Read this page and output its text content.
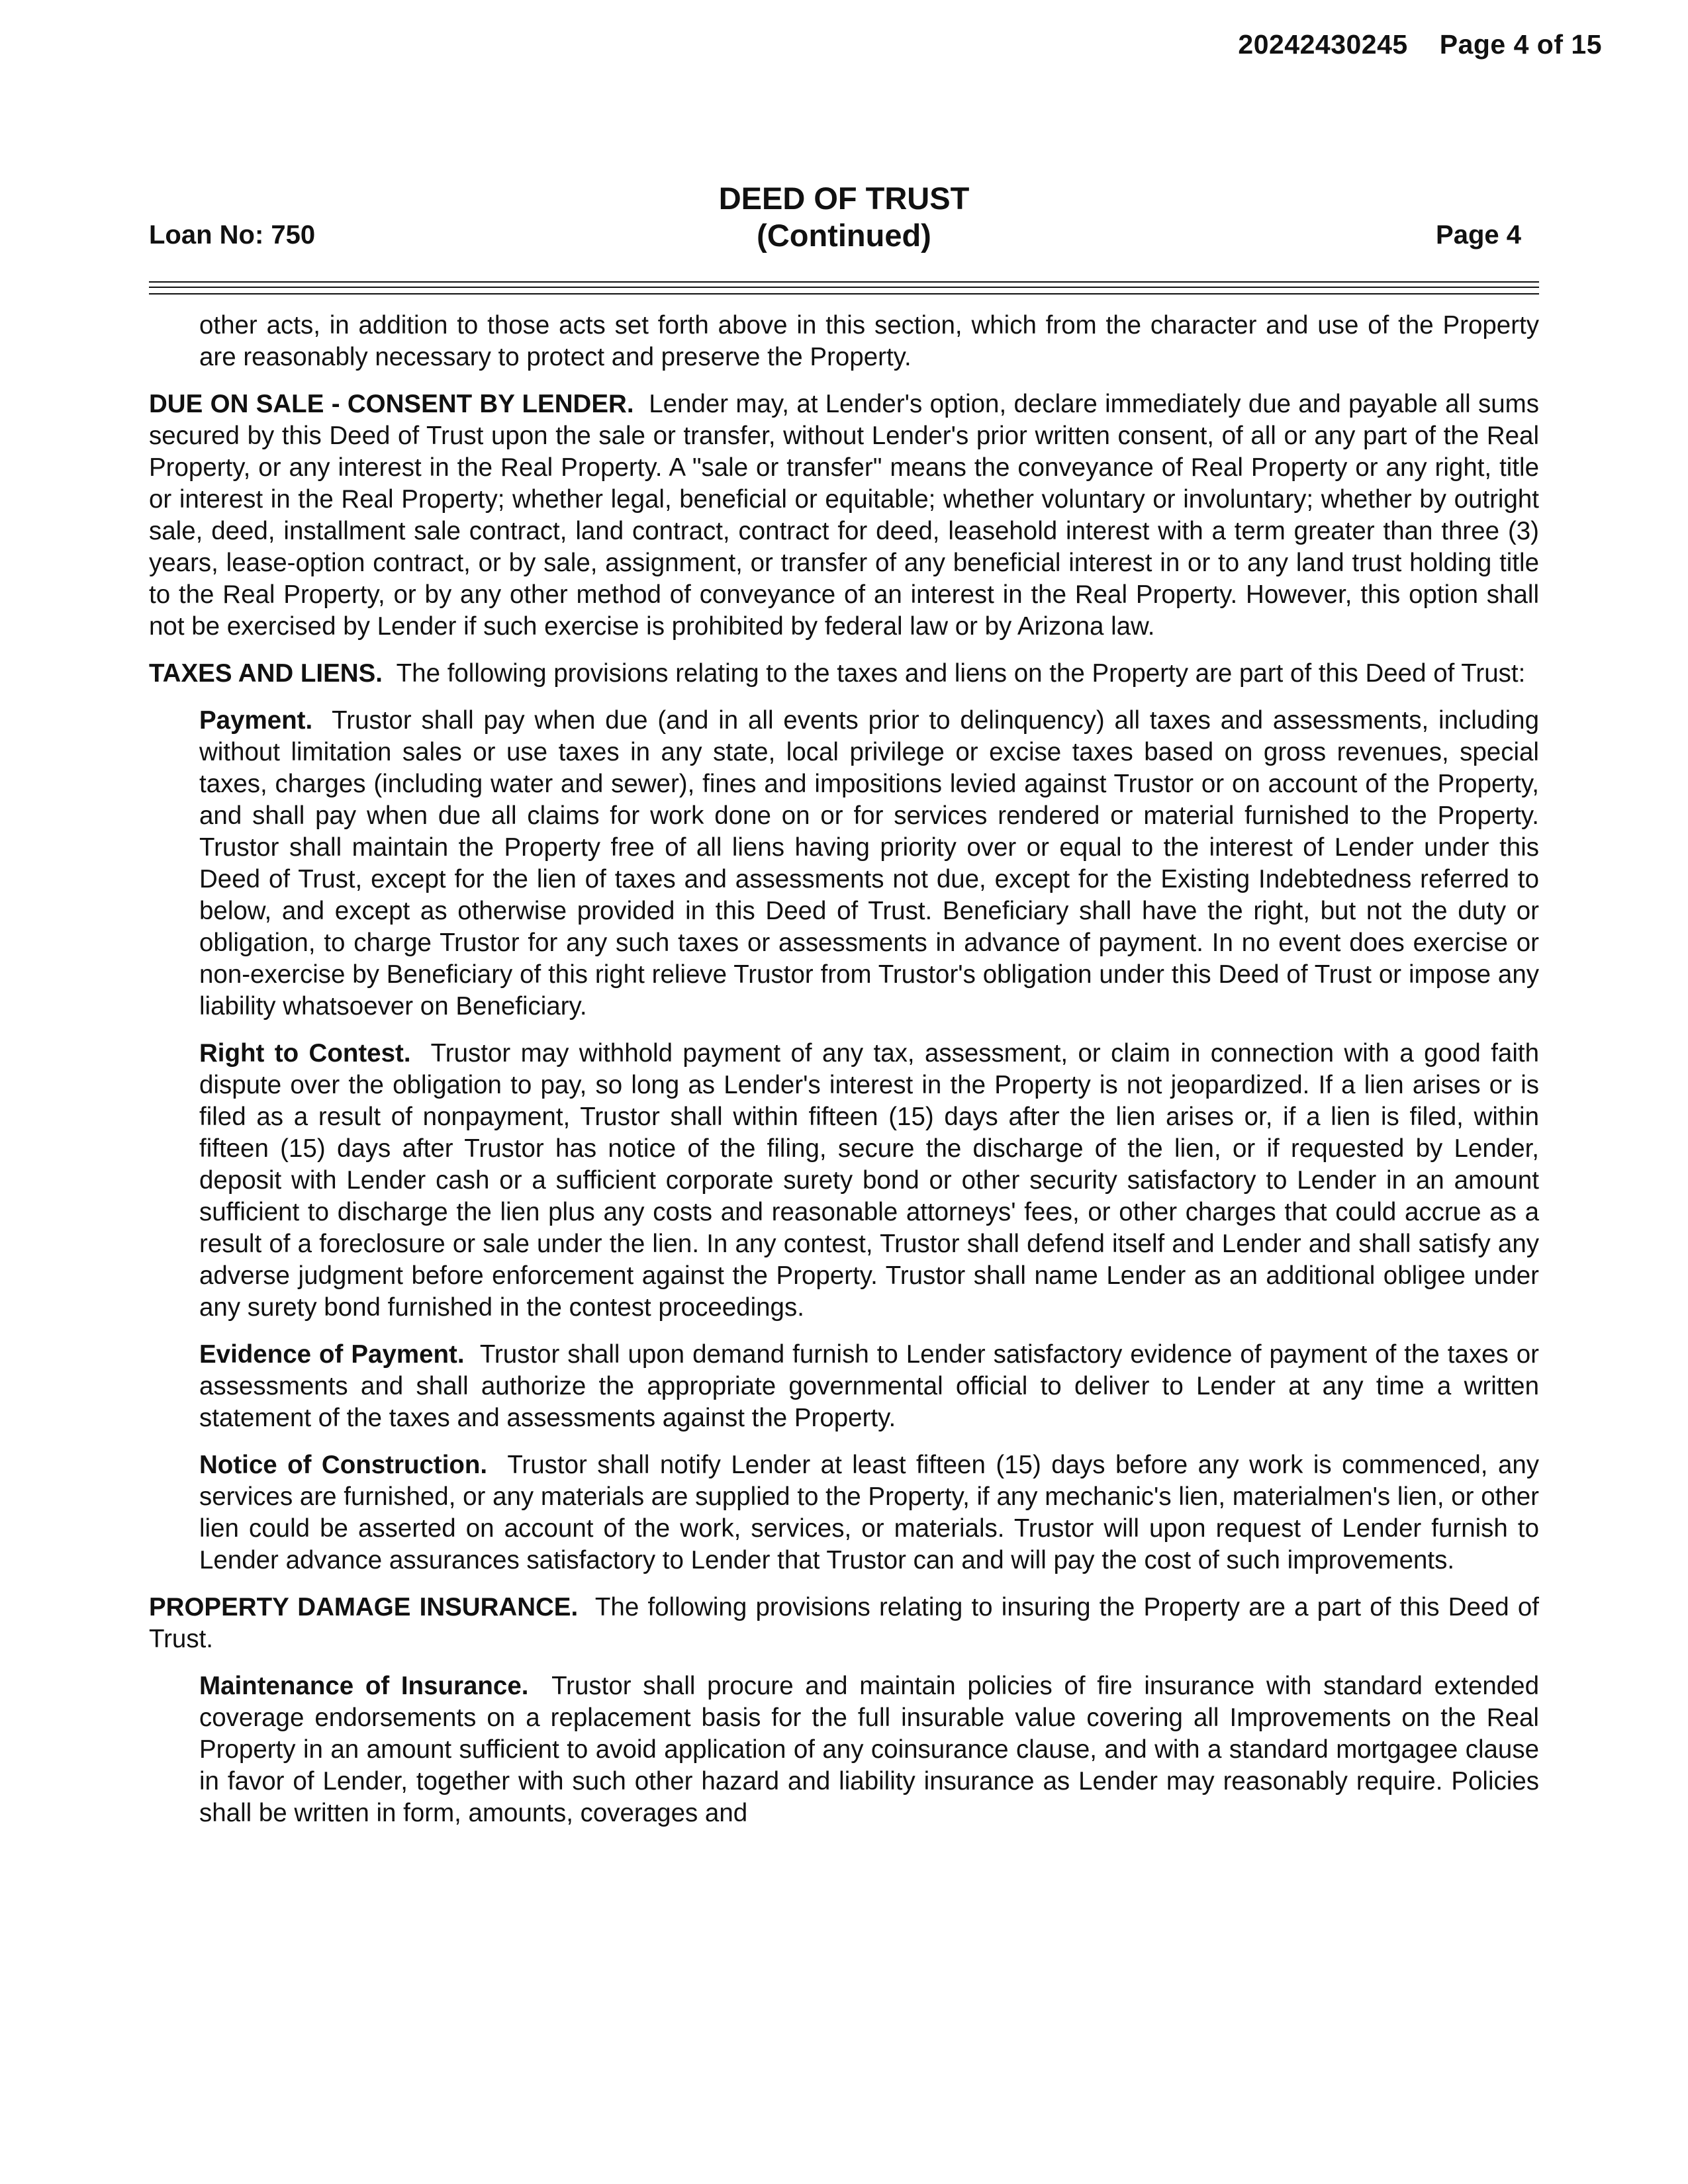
20242430245 Page 4 of 15
DEED OF TRUST
(Continued)
Loan No: 750	Page 4

other acts, in addition to those acts set forth above in this section, which from the character and use of the Property are reasonably necessary to protect and preserve the Property.

DUE ON SALE - CONSENT BY LENDER. Lender may, at Lender's option, declare immediately due and payable all sums secured by this Deed of Trust upon the sale or transfer, without Lender's prior written consent, of all or any part of the Real Property, or any interest in the Real Property. A "sale or transfer" means the conveyance of Real Property or any right, title or interest in the Real Property; whether legal, beneficial or equitable; whether voluntary or involuntary; whether by outright sale, deed, installment sale contract, land contract, contract for deed, leasehold interest with a term greater than three (3) years, lease-option contract, or by sale, assignment, or transfer of any beneficial interest in or to any land trust holding title to the Real Property, or by any other method of conveyance of an interest in the Real Property. However, this option shall not be exercised by Lender if such exercise is prohibited by federal law or by Arizona law.

TAXES AND LIENS. The following provisions relating to the taxes and liens on the Property are part of this Deed of Trust:

Payment. Trustor shall pay when due (and in all events prior to delinquency) all taxes and assessments, including without limitation sales or use taxes in any state, local privilege or excise taxes based on gross revenues, special taxes, charges (including water and sewer), fines and impositions levied against Trustor or on account of the Property, and shall pay when due all claims for work done on or for services rendered or material furnished to the Property. Trustor shall maintain the Property free of all liens having priority over or equal to the interest of Lender under this Deed of Trust, except for the lien of taxes and assessments not due, except for the Existing Indebtedness referred to below, and except as otherwise provided in this Deed of Trust. Beneficiary shall have the right, but not the duty or obligation, to charge Trustor for any such taxes or assessments in advance of payment. In no event does exercise or non-exercise by Beneficiary of this right relieve Trustor from Trustor's obligation under this Deed of Trust or impose any liability whatsoever on Beneficiary.

Right to Contest. Trustor may withhold payment of any tax, assessment, or claim in connection with a good faith dispute over the obligation to pay, so long as Lender's interest in the Property is not jeopardized. If a lien arises or is filed as a result of nonpayment, Trustor shall within fifteen (15) days after the lien arises or, if a lien is filed, within fifteen (15) days after Trustor has notice of the filing, secure the discharge of the lien, or if requested by Lender, deposit with Lender cash or a sufficient corporate surety bond or other security satisfactory to Lender in an amount sufficient to discharge the lien plus any costs and reasonable attorneys' fees, or other charges that could accrue as a result of a foreclosure or sale under the lien. In any contest, Trustor shall defend itself and Lender and shall satisfy any adverse judgment before enforcement against the Property. Trustor shall name Lender as an additional obligee under any surety bond furnished in the contest proceedings.

Evidence of Payment. Trustor shall upon demand furnish to Lender satisfactory evidence of payment of the taxes or assessments and shall authorize the appropriate governmental official to deliver to Lender at any time a written statement of the taxes and assessments against the Property.

Notice of Construction. Trustor shall notify Lender at least fifteen (15) days before any work is commenced, any services are furnished, or any materials are supplied to the Property, if any mechanic's lien, materialmen's lien, or other lien could be asserted on account of the work, services, or materials. Trustor will upon request of Lender furnish to Lender advance assurances satisfactory to Lender that Trustor can and will pay the cost of such improvements.

PROPERTY DAMAGE INSURANCE. The following provisions relating to insuring the Property are a part of this Deed of Trust.

Maintenance of Insurance. Trustor shall procure and maintain policies of fire insurance with standard extended coverage endorsements on a replacement basis for the full insurable value covering all Improvements on the Real Property in an amount sufficient to avoid application of any coinsurance clause, and with a standard mortgagee clause in favor of Lender, together with such other hazard and liability insurance as Lender may reasonably require. Policies shall be written in form, amounts, coverages and
